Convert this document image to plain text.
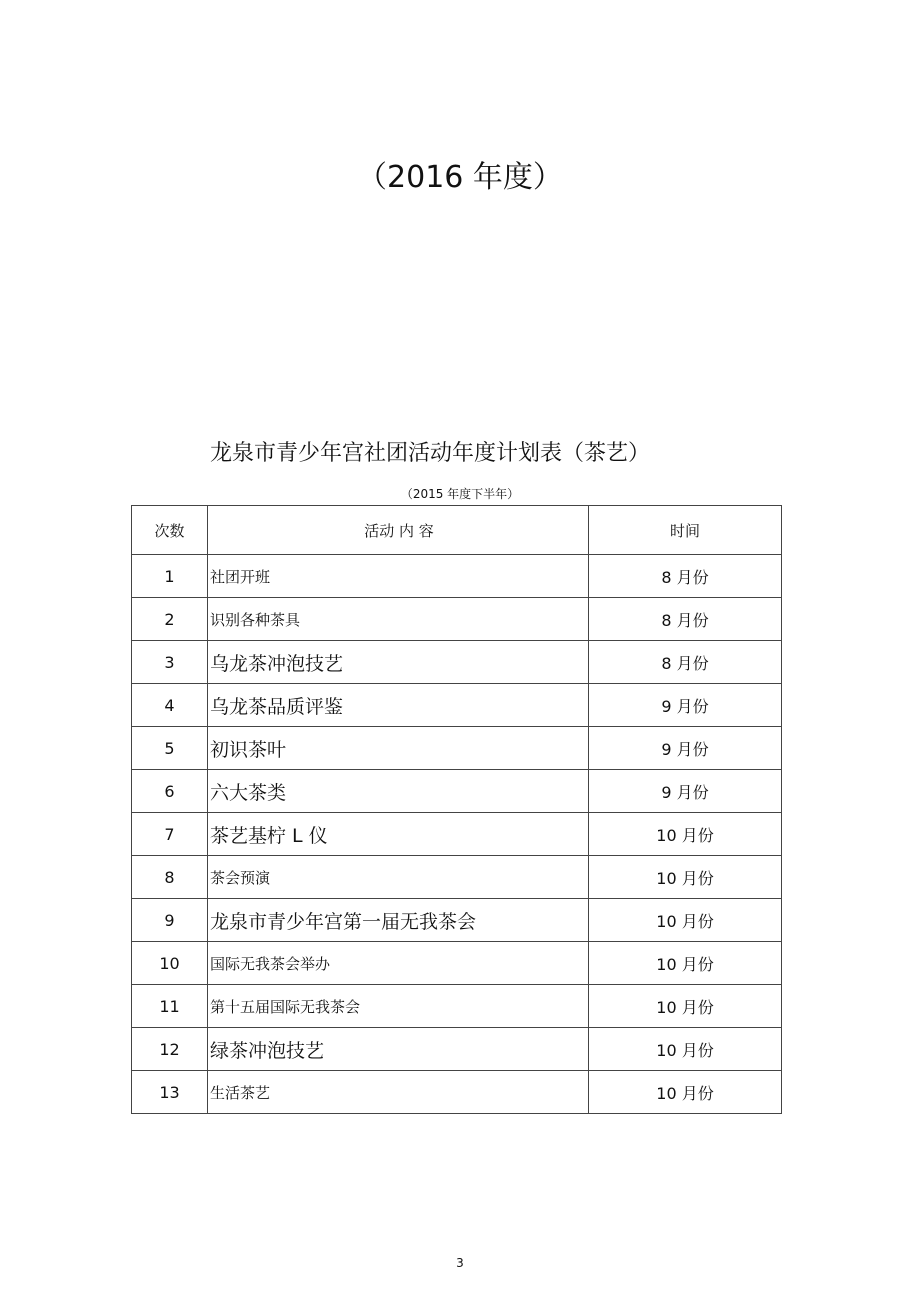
（2016 年度）
龙泉市青少年宫社团活动年度计划表（茶艺）
（2015 年度下半年）
次数	活动 内 容	时间
1	社团开班	8 月份
2	识别各种茶具	8 月份
3	乌龙茶冲泡技艺	8 月份
4	乌龙茶品质评鉴	9 月份
5	初识茶叶	9 月份
6	六大茶类	9 月份
7	茶艺基柠 L 仪	10 月份
8	茶会预演	10 月份
9	龙泉市青少年宫第一届无我茶会	10 月份
10	国际无我茶会举办	10 月份
11	第十五届国际无我茶会	10 月份
12	绿茶冲泡技艺	10 月份
13	生活茶艺	10 月份
3
